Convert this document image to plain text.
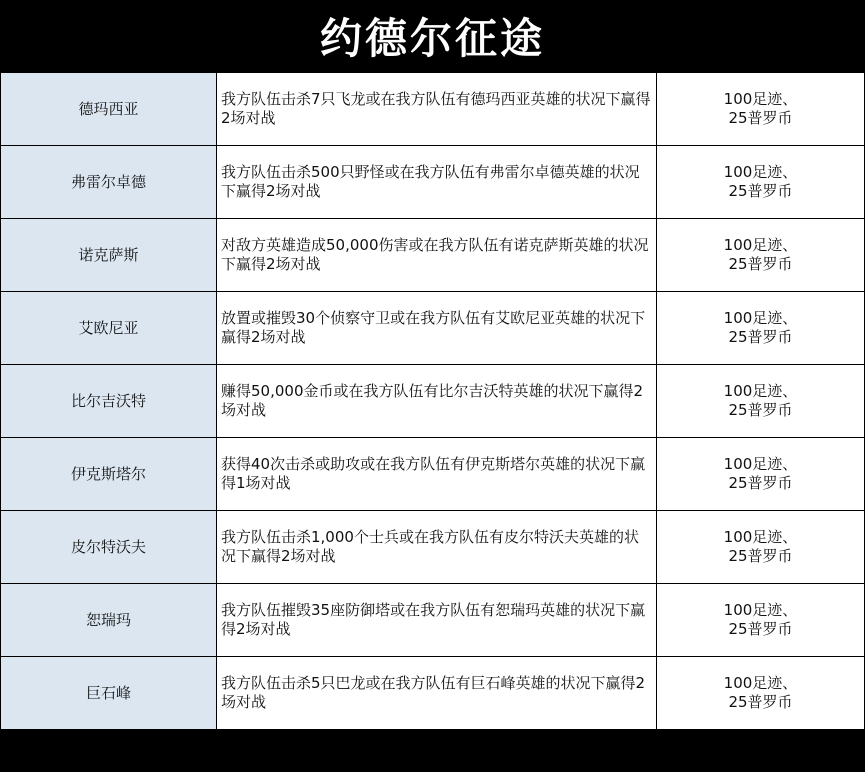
约德尔征途
德玛西亚	我方队伍击杀7只飞龙或在我方队伍有德玛西亚英雄的状况下赢得2场对战	100足迹、
25普罗币

弗雷尔卓德	我方队伍击杀500只野怪或在我方队伍有弗雷尔卓德英雄的状况下赢得2场对战	100足迹、
25普罗币

诺克萨斯	对敌方英雄造成50,000伤害或在我方队伍有诺克萨斯英雄的状况下赢得2场对战	100足迹、
25普罗币

艾欧尼亚	放置或摧毁30个侦察守卫或在我方队伍有艾欧尼亚英雄的状况下赢得2场对战	100足迹、
25普罗币

比尔吉沃特	赚得50,000金币或在我方队伍有比尔吉沃特英雄的状况下赢得2场对战	100足迹、
25普罗币

伊克斯塔尔	获得40次击杀或助攻或在我方队伍有伊克斯塔尔英雄的状况下赢得1场对战	100足迹、
25普罗币

皮尔特沃夫	我方队伍击杀1,000个士兵或在我方队伍有皮尔特沃夫英雄的状况下赢得2场对战	100足迹、
25普罗币

恕瑞玛	我方队伍摧毁35座防御塔或在我方队伍有恕瑞玛英雄的状况下赢得2场对战	100足迹、
25普罗币

巨石峰	我方队伍击杀5只巴龙或在我方队伍有巨石峰英雄的状况下赢得2场对战	100足迹、
25普罗币
